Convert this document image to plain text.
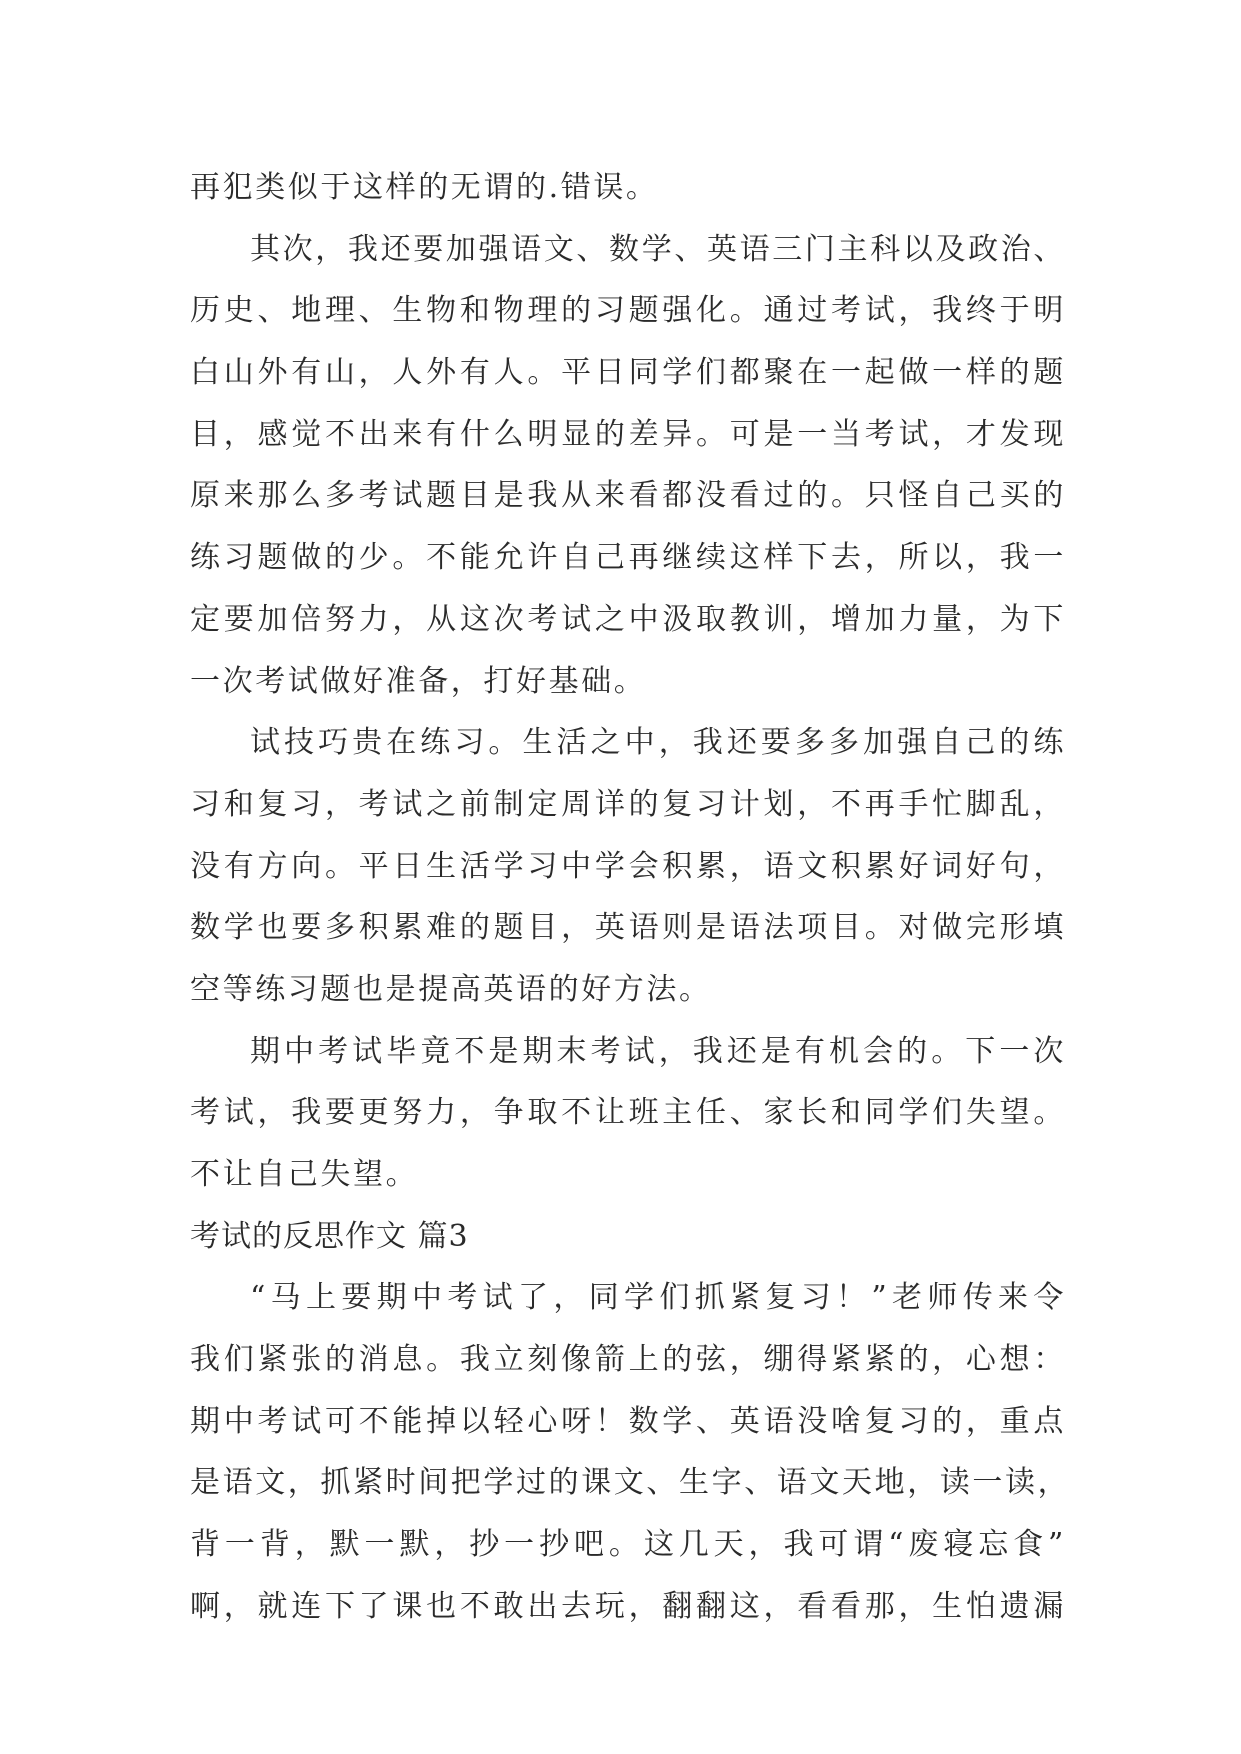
再犯类似于这样的无谓的.错误。
其次，我还要加强语文、数学、英语三门主科以及政治、
历史、地理、生物和物理的习题强化。通过考试，我终于明
白山外有山，人外有人。平日同学们都聚在一起做一样的题
目，感觉不出来有什么明显的差异。可是一当考试，才发现
原来那么多考试题目是我从来看都没看过的。只怪自己买的
练习题做的少。不能允许自己再继续这样下去，所以，我一
定要加倍努力，从这次考试之中汲取教训，增加力量，为下
一次考试做好准备，打好基础。
试技巧贵在练习。生活之中，我还要多多加强自己的练
习和复习，考试之前制定周详的复习计划，不再手忙脚乱，
没有方向。平日生活学习中学会积累，语文积累好词好句，
数学也要多积累难的题目，英语则是语法项目。对做完形填
空等练习题也是提高英语的好方法。
期中考试毕竟不是期末考试，我还是有机会的。下一次
考试，我要更努力，争取不让班主任、家长和同学们失望。
不让自己失望。
考试的反思作文 篇3
“马上要期中考试了，同学们抓紧复习！”老师传来令
我们紧张的消息。我立刻像箭上的弦，绷得紧紧的，心想：
期中考试可不能掉以轻心呀！数学、英语没啥复习的，重点
是语文，抓紧时间把学过的课文、生字、语文天地，读一读，
背一背，默一默，抄一抄吧。这几天，我可谓“废寝忘食”
啊，就连下了课也不敢出去玩，翻翻这，看看那，生怕遗漏
